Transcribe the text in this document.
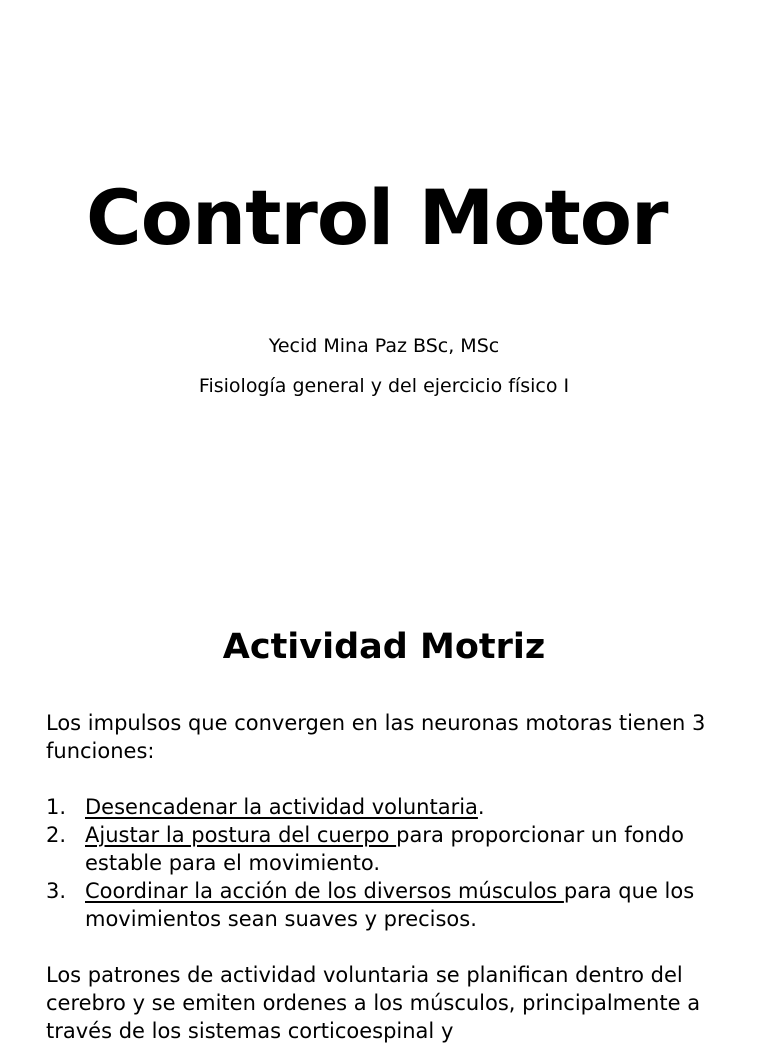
Control Motor
Yecid Mina Paz BSc, MSc
Fisiología general y del ejercicio físico I
Actividad Motriz

Los impulsos que convergen en las neuronas motoras tienen 3 funciones:

1. Desencadenar la actividad voluntaria.
2. Ajustar la postura del cuerpo para proporcionar un fondo estable para el movimiento.
3. Coordinar la acción de los diversos músculos para que los movimientos sean suaves y precisos.

Los patrones de actividad voluntaria se planifican dentro del cerebro y se emiten ordenes a los músculos, principalmente a través de los sistemas corticoespinal y
